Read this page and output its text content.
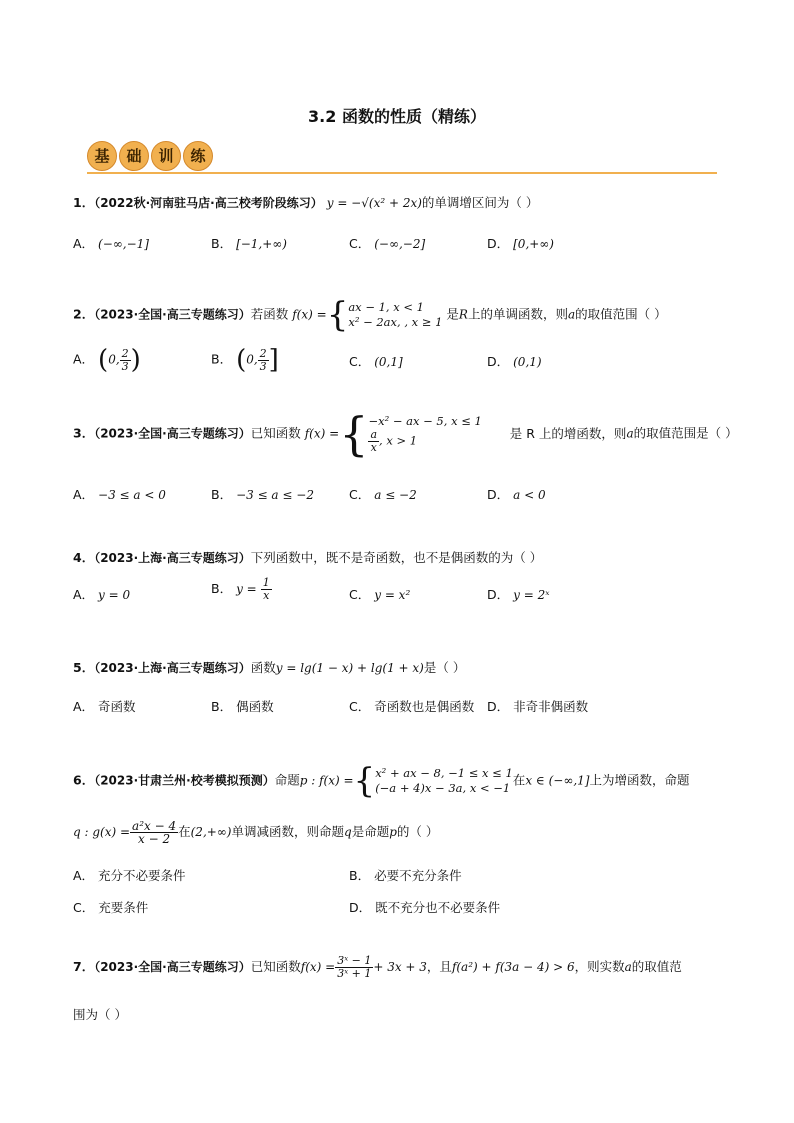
3.2 函数的性质（精练）
基 础 训 练
1．（2022秋·河南驻马店·高三校考阶段练习） y = −√(x² + 2x)的单调增区间为（ ）
A． (−∞,−1]	B． [−1,+∞)	C． (−∞,−2]	D． [0,+∞)
2．（2023·全国·高三专题练习）若函数 f(x) ={ ax − 1, x < 1
x² − 2ax, , x ≥ 1
是R上的单调函数，则a的取值范围（ ）
A． (0, $\frac{2}{3}$ )	B． (0, $\frac{2}{3}$ ]	C． (0,1]	D． (0,1)
3．（2023·全国·高三专题练习）已知函数 f(x) ={ −x² − ax − 5, x ≤ 1
$\frac{a}{x}$ , x > 1	是 R 上的增函数，则a的取值范围是（ ）
A． −3 ≤ a < 0	B． −3 ≤ a ≤ −2	C． a ≤ −2	D． a < 0
4．（2023·上海·高三专题练习）下列函数中，既不是奇函数，也不是偶函数的为（ ）
A． y = 0	B． $y = \frac{1}{x}$	C． y = x²	D． y = 2ˣ
5．（2023·上海·高三专题练习）函数y = lg(1 − x) + lg(1 + x)是（ ）
A． 奇函数	B． 偶函数	C． 奇函数也是偶函数 D． 非奇非偶函数
6．（2023·甘肃兰州·校考模拟预测）命题p : f(x) ={ x² + ax − 8, −1 ≤ x ≤ 1
(−a + 4)x − 3a, x < −1
在x ∈ (−∞,1]上为增函数，命题
q : $g(x) = \frac{\text{a²x − 4}}{x - 2}$ 在(2,+∞)单调减函数，则命题q是命题p的（ ）
A． 充分不必要条件	B． 必要不充分条件
C． 充要条件	D． 既不充分也不必要条件
7．（2023·全国·高三专题练习）已知函数$f(x) = \frac{\text{3ˣ − 1}}{\text{3ˣ + 1}} + 3x + 3$，且f(a²) + f(3a − 4) > 6，则实数a的取值范
围为（ ）
